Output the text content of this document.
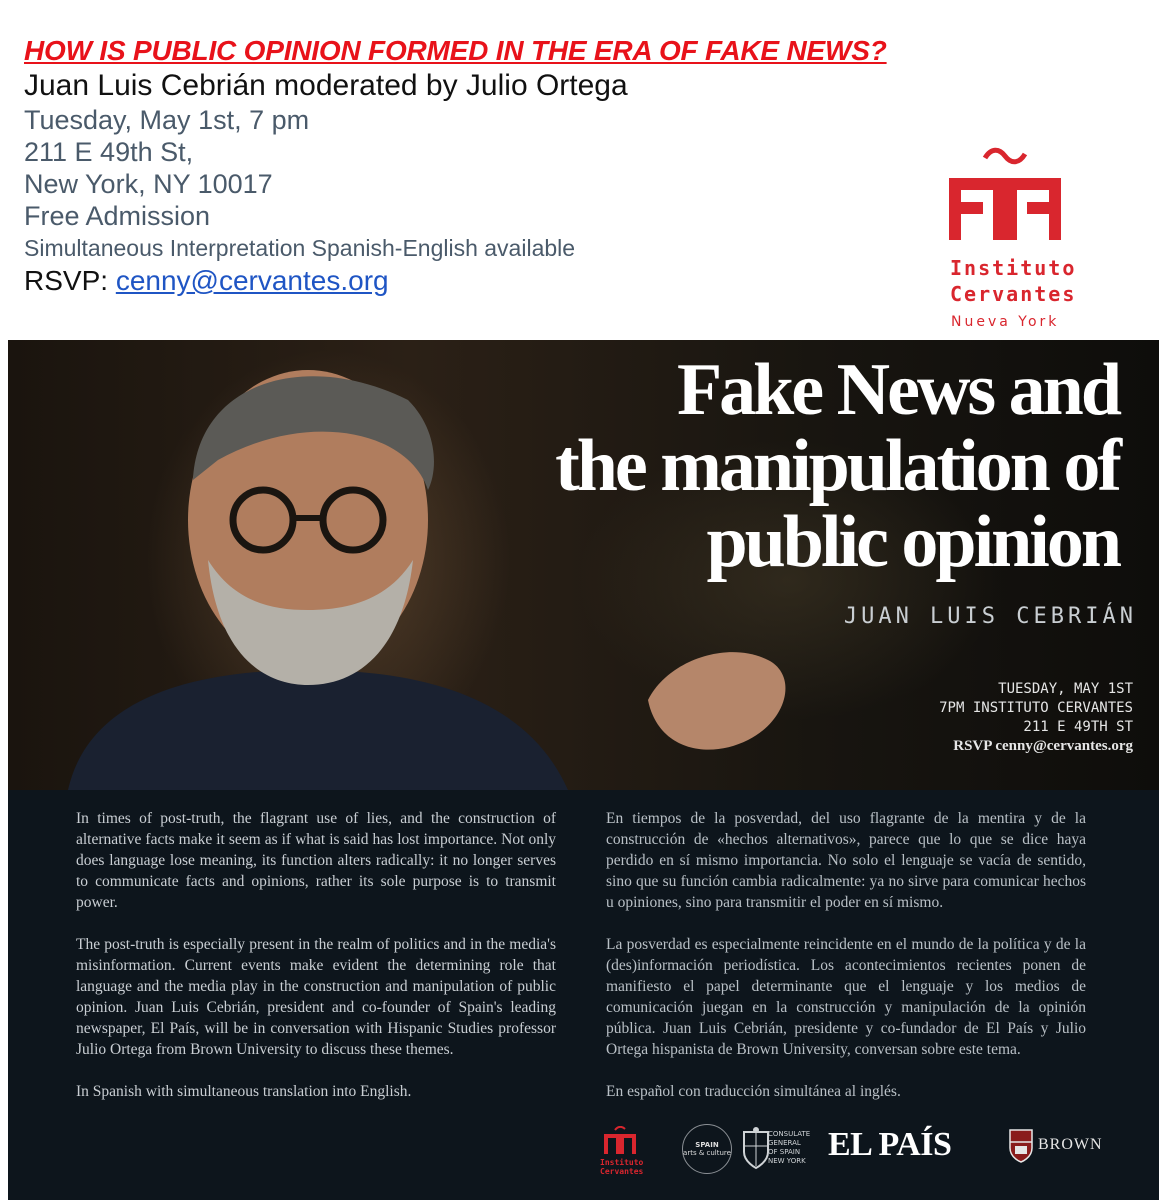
HOW IS PUBLIC OPINION FORMED IN THE ERA OF FAKE NEWS?
Juan Luis Cebrián moderated by Julio Ortega
Tuesday, May 1st, 7 pm
211 E 49th St,
New York, NY 10017
Free Admission
Simultaneous Interpretation Spanish-English available
RSVP: cenny@cervantes.org	Instituto
Cervantes
Nueva York
Fake News and
the manipulation of
public opinion
JUAN LUIS CEBRIÁN
TUESDAY, MAY 1ST
7PM INSTITUTO CERVANTES
211 E 49TH ST
RSVP cenny@cervantes.org

In times of post-truth, the flagrant use of lies, and the construction of alternative facts make it seem as if what is said has lost importance. Not only does language lose meaning, its function alters radically: it no longer serves to communicate facts and opinions, rather its sole purpose is to transmit power.

The post-truth is especially present in the realm of politics and in the media's misinformation. Current events make evident the determining role that language and the media play in the construction and manipulation of public opinion. Juan Luis Cebrián, president and co-founder of Spain's leading newspaper, El País, will be in conversation with Hispanic Studies professor Julio Ortega from Brown University to discuss these themes.

In Spanish with simultaneous translation into English.

En tiempos de la posverdad, del uso flagrante de la mentira y de la construcción de «hechos alternativos», parece que lo que se dice haya perdido en sí mismo importancia. No solo el lenguaje se vacía de sentido, sino que su función cambia radicalmente: ya no sirve para comunicar hechos u opiniones, sino para transmitir el poder en sí mismo.

La posverdad es especialmente reincidente en el mundo de la política y de la (des)información periodística. Los acontecimientos recientes ponen de manifiesto el papel determinante que el lenguaje y los medios de comunicación juegan en la construcción y manipulación de la opinión pública. Juan Luis Cebrián, presidente y co-fundador de El País y Julio Ortega hispanista de Brown University, conversan sobre este tema.

En español con traducción simultánea al inglés.

Instituto
Cervantes
SPAIN
arts & culture
CONSULATE
GENERAL
OF SPAIN
NEW YORK EL PAÍS	BROWN
